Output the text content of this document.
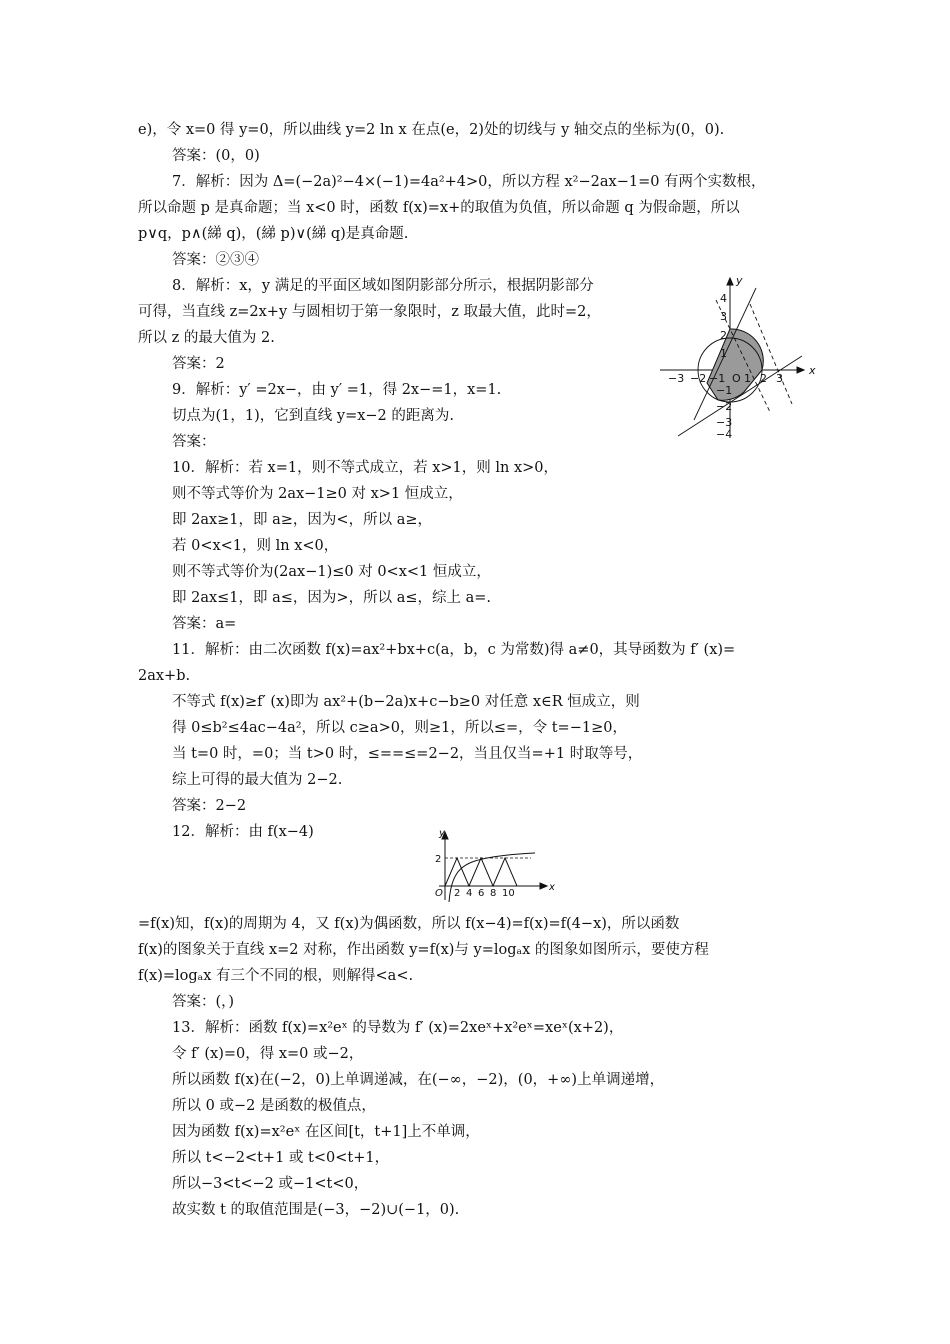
e)，令 x=0 得 y=0，所以曲线 y=2 ln x 在点(e，2)处的切线与 y 轴交点的坐标为(0，0).
答案：(0，0)
7．解析：因为 Δ=(−2a)²−4×(−1)=4a²+4>0，所以方程 x²−2ax−1=0 有两个实数根，
所以命题 p 是真命题；当 x<0 时，函数 f(x)=x+的取值为负值，所以命题 q 为假命题，所以
p∨q，p∧(綈 q)，(綈 p)∨(綈 q)是真命题.
答案：②③④
8．解析：x，y 满足的平面区域如图阴影部分所示，根据阴影部分
可得，当直线 z=2x+y 与圆相切于第一象限时，z 取最大值，此时=2，
所以 z 的最大值为 2.
答案：2
9．解析：y′ =2x−，由 y′ =1，得 2x−=1，x=1.
切点为(1，1)，它到直线 y=x−2 的距离为.
答案：
10．解析：若 x=1，则不等式成立，若 x>1，则 ln x>0，
则不等式等价为 2ax−1≥0 对 x>1 恒成立，
即 2ax≥1，即 a≥，因为<，所以 a≥，
若 0<x<1，则 ln x<0，
则不等式等价为(2ax−1)≤0 对 0<x<1 恒成立，
即 2ax≤1，即 a≤，因为>，所以 a≤，综上 a=.
答案：a=
11．解析：由二次函数 f(x)=ax²+bx+c(a，b，c 为常数)得 a≠0，其导函数为 f′ (x)=
2ax+b.
不等式 f(x)≥f′ (x)即为 ax²+(b−2a)x+c−b≥0 对任意 x∈R 恒成立，则
得 0≤b²≤4ac−4a²，所以 c≥a>0，则≥1，所以≤=，令 t=−1≥0，
当 t=0 时，=0；当 t>0 时，≤==≤=2−2，当且仅当=+1 时取等号，
综上可得的最大值为 2−2.
答案：2−2
12．解析：由 f(x−4)
=f(x)知，f(x)的周期为 4，又 f(x)为偶函数，所以 f(x−4)=f(x)=f(4−x)，所以函数
f(x)的图象关于直线 x=2 对称，作出函数 y=f(x)与 y=logₐx 的图象如图所示，要使方程
f(x)=logₐx 有三个不同的根，则解得<a<.
答案：(，)
13．解析：函数 f(x)=x²eˣ 的导数为 f′ (x)=2xeˣ+x²eˣ=xeˣ(x+2)，
令 f′ (x)=0，得 x=0 或−2，
所以函数 f(x)在(−2，0)上单调递减，在(−∞，−2)，(0，+∞)上单调递增，
所以 0 或−2 是函数的极值点，
因为函数 f(x)=x²eˣ 在区间[t，t+1]上不单调，
所以 t<−2<t+1 或 t<0<t+1，
所以−3<t<−2 或−1<t<0，
故实数 t 的取值范围是(−3，−2)∪(−1，0).
x
y
−3 −2 −1 O 1 2 3
4
3
2
1
−1
−2
−3
−4
x
y
O
2
2 4 6 8 10
